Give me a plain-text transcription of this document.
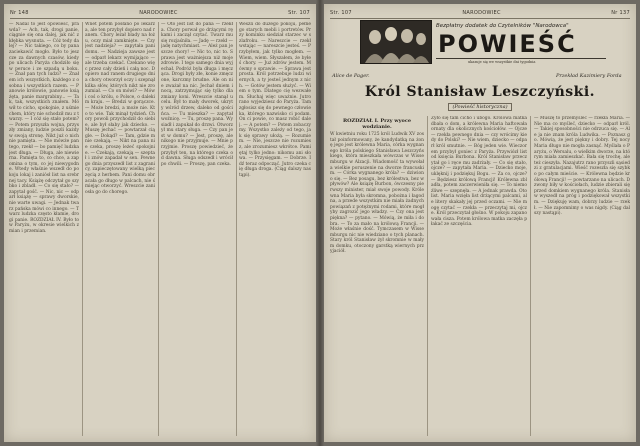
Nr 148	NARODOWIEC	Str. 107
— Nadal to jest opowieść, prawda? — Ach, tak, drogi panie, ciągnie się ona dalej, jak nić z kłębka wysnuta. — Cóż tedy dalej? — Nic takiego, co by pana zaciekawić mogło. Było to jeszcze za dawnych czasów, kiedy po ulicach Paryża chodziło się w peruce i ze szpadą u boku. — Znał pan tych ludzi? — Znałem ich wszystkich, każdego z osobna i wszystkich razem. — Panowie królowie, panowie książęta, panie margrabiny... — Tak, tak, wszystkich znałem. Mówił to cicho, spokojnie, z uśmiechem, który nie schodził mu z twarzy. — I cóż się stało potem? — Potem przyszła wojna, przyszły zmiany, ludzie poszli każdy w swoją stronę. Nikt już o nich nie pamięta. — Nie mówże pan tego, rzekł — bo pamięć ludzka jest długa. — Długa, ale niewierna. Pamięta to, co chce, a zapomina o tym, co jej niewygodne. Wtedy właśnie wszedł do pokoju lokaj i zaniósł list na srebrnej tacy. Książę odczytał go szybko i zbladł. — Co się stało? — zapytał gość. — Nic, nic — odparł książę — sprawy dworskie, nie warte uwagi. — Jednak twarz pańska mówi co innego. — Twarz ludzka często kłamie, drogi panie. ROZDZIAŁ IV. Było to w Paryżu, w okresie wielkich zmian i przemian.
Wnet potem posłano po lekarza, ale ten przybył dopiero nad ranem. Chory leżał blady na łożu, oczy miał zamknięte. — Czy jest nadzieja? — zapytała pani domu. — Nadzieja zawsze jest — odparł lekarz wymijająco — ale trzeba czekać. Czekano więc przez cały dzień i całą noc. Dopiero nad ranem drugiego dnia chory otworzył oczy i szepnął kilka słów, których nikt nie zrozumiał. — Co on mówi? — Mówi coś o królu, o Polsce, o dalekim kraju. — Bredzi w gorączce. — Może bredzi, a może nie. Kto to wie. Tak minął tydzień. Chory powoli przychodził do siebie, ale był słaby jak dziecko. — Muszę jechać — powtarzał ciągle. — Dokąd? — Tam, gdzie mnie czekają. — Nikt na pana nie czeka, proszę leżeć spokojnie. — Czekają, czekają — szeptał i znów zapadał w sen. Pewnego dnia przyszedł list z zagranicy, zapieczętowany wielką pieczęcią z herbem. Pani domu obracała go długo w palcach, nie śmiejąc otworzyć. Wreszcie zaniosła go do chorego.
— Oto jest list do pana — rzekła. Chory porwał go drżącymi rękami i zaczął czytać. Twarz mu się rozjaśniła. — Jadę — rzekł — jadę natychmiast. — Ależ pan jeszcze chory! — Nic to, nic to. Sprawa jest ważniejsza niż moje zdrowie. I tego samego dnia wyjechał. Podróż była długa i męcząca. Drogi były złe, konie zmęczone, karczmy brudne. Ale on nie zważał na nic. Jechał dniem i nocą, zatrzymując się tylko dla zmiany koni. Wreszcie stanął u celu. Był to mały dworek, ukryty wśród drzew, daleko od gościńca. — Tu mieszka? — zapytał woźnicę. — Tu, proszę pana. Wysiadł i zapukał do drzwi. Otworzył mu stary sługa. — Czy pan jest w domu? — Jest, proszę, ale nikogo nie przyjmuje. — Mnie przyjmie. Proszę powiedzieć, że przybył ten, na którego czeka od dawna. Sługa odszedł i wrócił po chwili. — Proszę, pan czeka.
Weszli do dużego pokoju, pełnego starych mebli i portretów. Przy kominku siedział starzec w szlafroku. — Nareszcie — rzekł wstając — nareszcie jesteś. — Przybyłem, jak tylko mogłem. — Wiem, wiem. Słyszałem, że byłeś chory. — Już zdrów jestem. Mówmy o sprawie. — Sprawa jest prosta. Król potrzebuje ludzi wiernych, a ty jesteś jednym z nich. — Gotów jestem służyć. — Wiem o tym. Dlatego cię wezwałem. Słuchaj więc uważnie. Jutro rano wyjedziesz do Paryża. Tam zgłosisz się do pewnego człowieka, którego nazwisko ci podam. On ci powie, co masz robić dalej. — A potem? — Potem zobaczymy. Wszystko zależy od tego, jak się sprawy ułożą. — Rozumiem. — Nie, jeszcze nie rozumiesz, ale zrozumiesz wkrótce. Pamiętaj tylko jedno: nikomu ani słowa. — Przysięgam. — Dobrze. Idź teraz odpocząć. Jutro czeka cię długa droga. (Ciąg dalszy nastąpi).
Str. 107	NARODOWIEC	Nr 137
Bezpłatny dodatek do Czytelników "Narodowca"
POWIEŚĆ
ukazuje się we wszystkie dni tygodnia
Alice de Pager.	Przekład Kazimiery Forda
Król Stanisław Leszczyński.
(Powieść historyczna)
ROZDZIAŁ I. Przy wyoce wodzianie.
W kwietniu roku 1725 król Ludwik XV został poinformowany, że kandydatką na żonę jego jest królewna Maria, córka wygnanego króla polskiego Stanisława Leszczyńskiego, która mieszkała wówczas w Wissemburgu w Alzacji. Wiadomość ta wywołała wielkie poruszenie na dworze francuskim. — Córka wygnanego króla? — dziwiono się. — Bez posagu, bez królestwa, bez wpływów? Ale książę Burbon, ówczesny pierwszy minister, miał swoje powody. Królewna Maria była skromna, pobożna i łagodna, a przede wszystkim nie miała żadnych powiązań z potężnymi rodami, które mogłyby zagrozić jego władzy. — Czy ona jest piękna? — pytano. — Mówią, że miła i dobra. — To za mało na królową Francji. — Może właśnie dość. Tymczasem w Wissemburgu nic nie wiedziano o tych planach. Stary król Stanisław żył skromnie w małym domku, otoczony garstką wiernych przyjaciół.
Żyło się tam cicho i ubogo. Królowa matka dbała o dom, a królewna Maria haftowała ornaty dla okolicznych kościołów. — Ojcze — rzekła pewnego dnia — czy wrócimy kiedy do Polski? — Nie wiem, dziecko — odparł król smutnie. — Bóg jeden wie. Wieczorem przybył goniec z Paryża. Przywiózł list od księcia Burbona. Król Stanisław przeczytał go i ręce mu zadrżały. — Co się stało, ojcze? — zapytała Maria. — Dziecko moje, uklęknij i podziękuj Bogu. — Za co, ojcze? — Będziesz królową Francji! Królewna zbladła, potem zaczerwieniła się. — To niemożliwe — szepnęła. — A jednak prawda. Oto list. Maria wzięła list drżącymi palcami, ale litery skakały jej przed oczami. — Nie mogę czytać — rzekła — przeczytaj mi, ojcze. Król przeczytał głośno. W pokoju zapanowała cisza. Potem królowa matka zaczęła płakać ze szczęścia.
— Muszę to przemyśleć — rzekła Maria. — Nie ma co myśleć, dziecko — odparł król. — Takiej sposobności nie odrzuca się. — Ale ja nie znam króla Ludwika. — Poznasz go. Mówią, że jest piękny i dobry. Tej nocy Maria długo nie mogła zasnąć. Myślała o Paryżu, o Wersalu, o wielkim dworze, na którym miała zamieszkać. Bała się trochę, ale też cieszyła. Nazajutrz rano przyszli sąsiedzi z gratulacjami. Wieść rozeszła się szybko po całym mieście. — Królewna będzie królową Francji! — powtarzano na ulicach. Dzwony biły w kościołach, ludzie zbierali się przed domkiem wygnanego króla. Stanisław wyszedł na próg i podziękował wszystkim. — Dziękuję wam, dobrzy ludzie — rzekł. — Nie zapomnimy o was nigdy. (Ciąg dalszy nastąpi).
